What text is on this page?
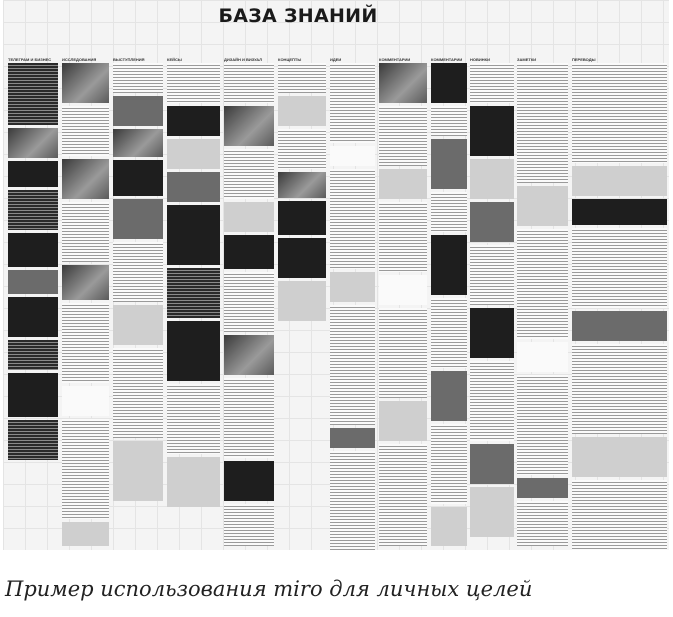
БАЗА ЗНАНИЙ
ТЕЛЕГРАМ И БИЗНЕС	ИССЛЕДОВАНИЯ	ВЫСТУПЛЕНИЯ	КЕЙСЫ	ДИЗАЙН И ВИЗУАЛ	КОНЦЕПТЫ	ИДЕИ	КОММЕНТАРИИ	КОММЕНТАРИИ	НОВИНКИ	ЗАМЕТКИ	ПЕРЕВОДЫ
Пример использования miro для личных целей
